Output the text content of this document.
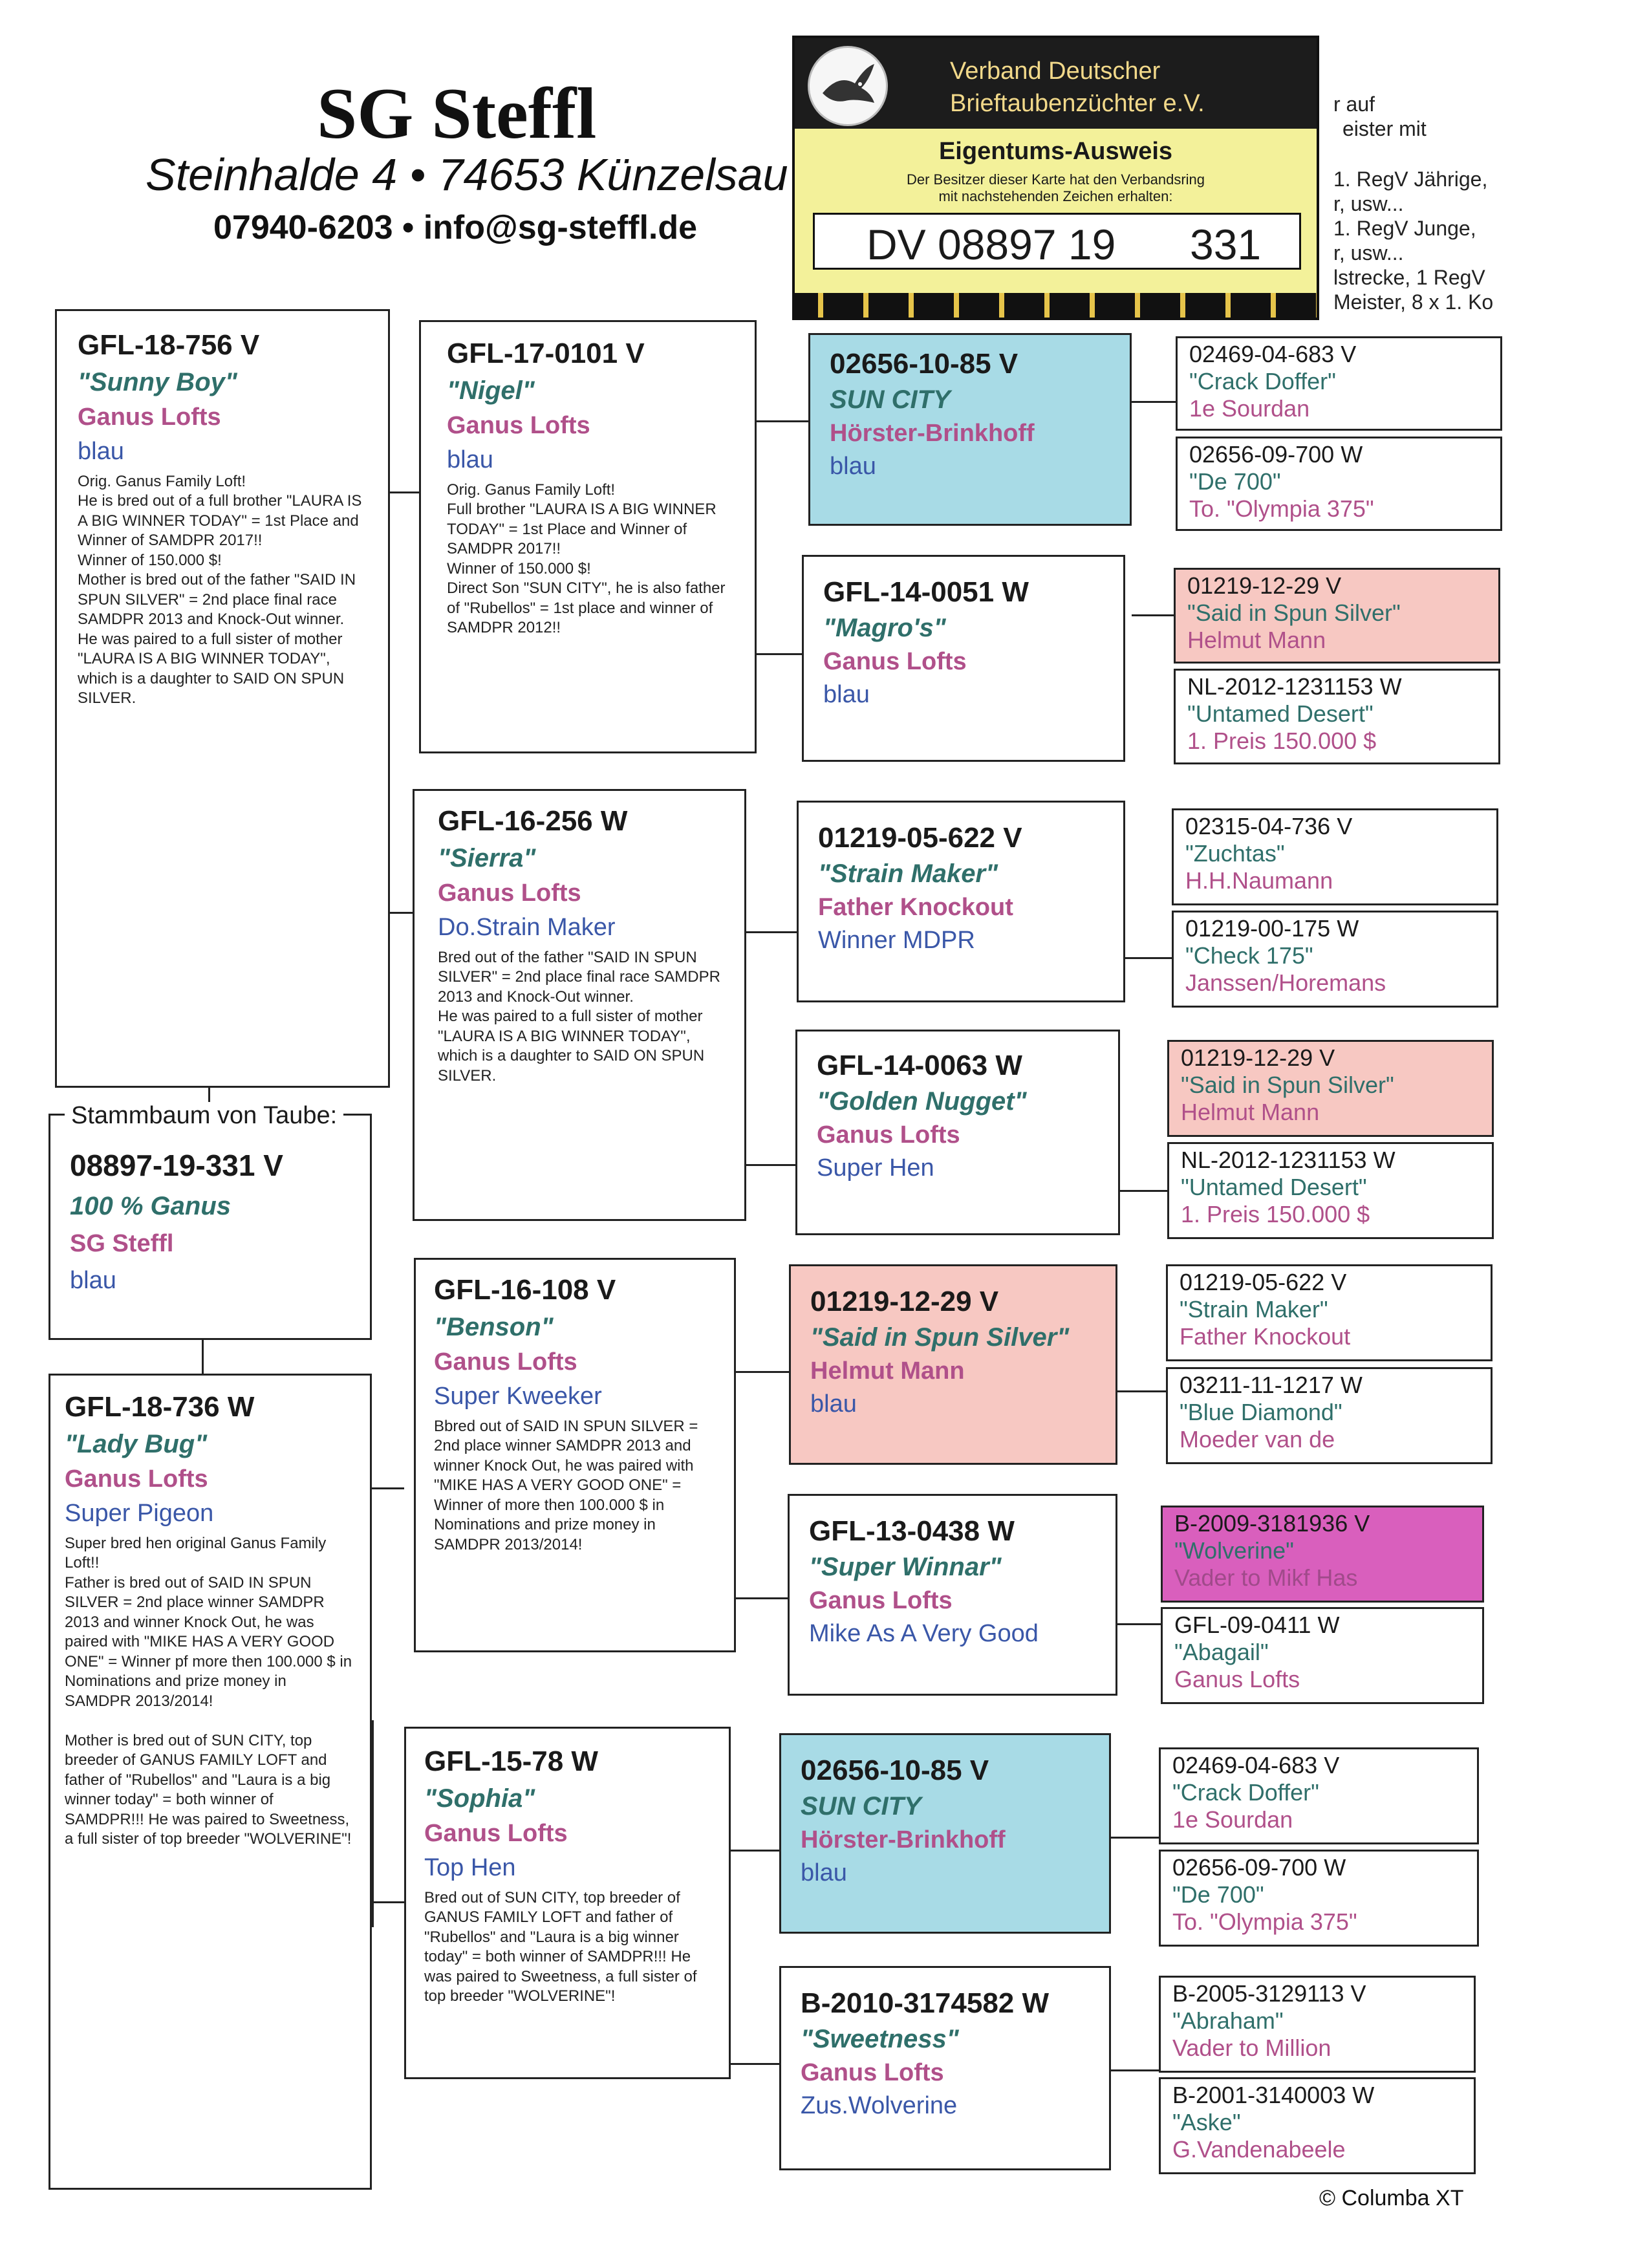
SG Steffl
Steinhalde 4 • 74653 Künzelsau
07940-6203 • info@sg-steffl.de
Verband Deutscher
Brieftaubenzüchter e.V.
Eigentums-Ausweis
Der Besitzer dieser Karte hat den Verbandsring
mit nachstehenden Zeichen erhalten:
DV 08897 19 331
r auf
eister mit
1. RegV Jährige,
r, usw...
1. RegV Junge,
r, usw...
lstrecke, 1 RegV
Meister, 8 x 1. Ko
GFL-18-756 V
"Sunny Boy"
Ganus Lofts
blau
Orig. Ganus Family Loft!
He is bred out of a full brother "LAURA IS A BIG WINNER TODAY" = 1st Place and Winner of SAMDPR 2017!!
Winner of 150.000 $!
Mother is bred out of the father "SAID IN SPUN SILVER" = 2nd place final race SAMDPR 2013 and Knock-Out winner.
He was paired to a full sister of mother "LAURA IS A BIG WINNER TODAY", which is a daughter to SAID ON SPUN SILVER.
08897-19-331 V
100 % Ganus
SG Steffl
blau
Stammbaum von Taube:
GFL-18-736 W
"Lady Bug"
Ganus Lofts
Super Pigeon
Super bred hen original Ganus Family Loft!!
Father is bred out of SAID IN SPUN SILVER = 2nd place winner SAMDPR 2013 and winner Knock Out, he was paired with "MIKE HAS A VERY GOOD ONE" = Winner pf more then 100.000 $ in Nominations and prize money in SAMDPR 2013/2014!

Mother is bred out of SUN CITY, top breeder of GANUS FAMILY LOFT and father of "Rubellos" and "Laura is a big winner today" = both winner of SAMDPR!!! He was paired to Sweetness, a full sister of top breeder "WOLVERINE"!
GFL-17-0101 V
"Nigel"
Ganus Lofts
blau
Orig. Ganus Family Loft!
Full brother "LAURA IS A BIG WINNER TODAY" = 1st Place and Winner of SAMDPR 2017!!
Winner of 150.000 $!
Direct Son "SUN CITY", he is also father of "Rubellos" = 1st place and winner of SAMDPR 2012!!
GFL-16-256 W
"Sierra"
Ganus Lofts
Do.Strain Maker
Bred out of the father "SAID IN SPUN SILVER" = 2nd place final race SAMDPR 2013 and Knock-Out winner.
He was paired to a full sister of mother "LAURA IS A BIG WINNER TODAY", which is a daughter to SAID ON SPUN SILVER.
GFL-16-108 V
"Benson"
Ganus Lofts
Super Kweeker
Bbred out of SAID IN SPUN SILVER = 2nd place winner SAMDPR 2013 and winner Knock Out, he was paired with "MIKE HAS A VERY GOOD ONE" = Winner of more then 100.000 $ in Nominations and prize money in SAMDPR 2013/2014!
GFL-15-78 W
"Sophia"
Ganus Lofts
Top Hen
Bred out of SUN CITY, top breeder of GANUS FAMILY LOFT and father of "Rubellos" and "Laura is a big winner today" = both winner of SAMDPR!!! He was paired to Sweetness, a full sister of top breeder "WOLVERINE"!
02656-10-85 V
SUN CITY
Hörster-Brinkhoff
blau
GFL-14-0051 W
"Magro's"
Ganus Lofts
blau
01219-05-622 V
"Strain Maker"
Father Knockout
Winner MDPR
GFL-14-0063 W
"Golden Nugget"
Ganus Lofts
Super Hen
01219-12-29 V
"Said in Spun Silver"
Helmut Mann
blau
GFL-13-0438 W
"Super Winnar"
Ganus Lofts
Mike As A Very Good
02656-10-85 V
SUN CITY
Hörster-Brinkhoff
blau
B-2010-3174582 W
"Sweetness"
Ganus Lofts
Zus.Wolverine
02469-04-683 V
"Crack Doffer"
1e Sourdan
02656-09-700 W
"De 700"
To. "Olympia 375"
01219-12-29 V
"Said in Spun Silver"
Helmut Mann
NL-2012-1231153 W
"Untamed Desert"
1. Preis 150.000 $
02315-04-736 V
"Zuchtas"
H.H.Naumann
01219-00-175 W
"Check 175"
Janssen/Horemans
01219-12-29 V
"Said in Spun Silver"
Helmut Mann
NL-2012-1231153 W
"Untamed Desert"
1. Preis 150.000 $
01219-05-622 V
"Strain Maker"
Father Knockout
03211-11-1217 W
"Blue Diamond"
Moeder van de
B-2009-3181936 V
"Wolverine"
Vader to Mikf Has
GFL-09-0411 W
"Abagail"
Ganus Lofts
02469-04-683 V
"Crack Doffer"
1e Sourdan
02656-09-700 W
"De 700"
To. "Olympia 375"
B-2005-3129113 V
"Abraham"
Vader to Million
B-2001-3140003 W
"Aske"
G.Vandenabeele
© Columba XT
